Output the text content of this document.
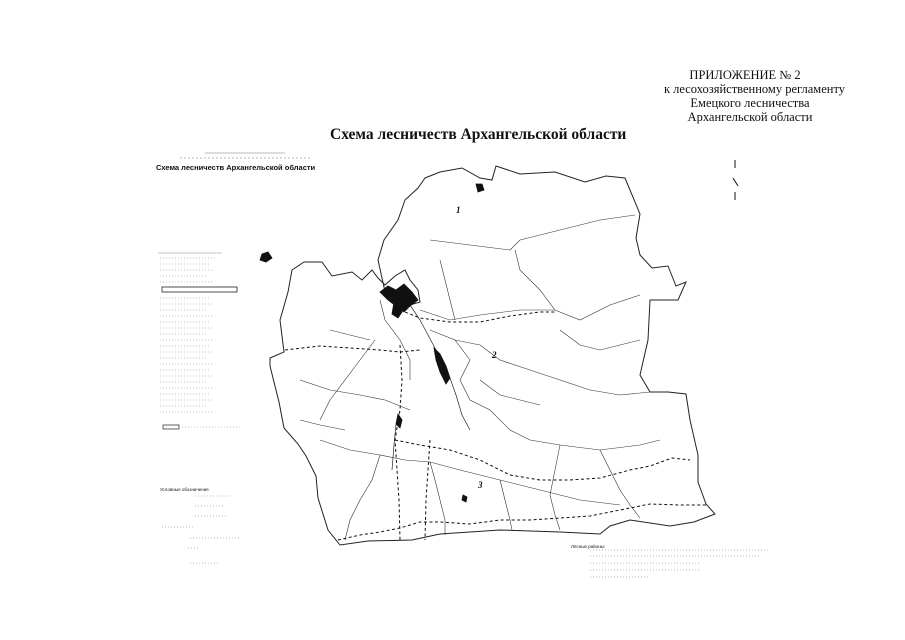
ПРИЛОЖЕНИЕ № 2
к лесохозяйственному регламенту
Емецкого лесничества
Архангельской области
Схема лесничеств Архангельской области
Схема лесничеств Архангельской области
Условные обозначения
Лесные районы:
1
2
3
